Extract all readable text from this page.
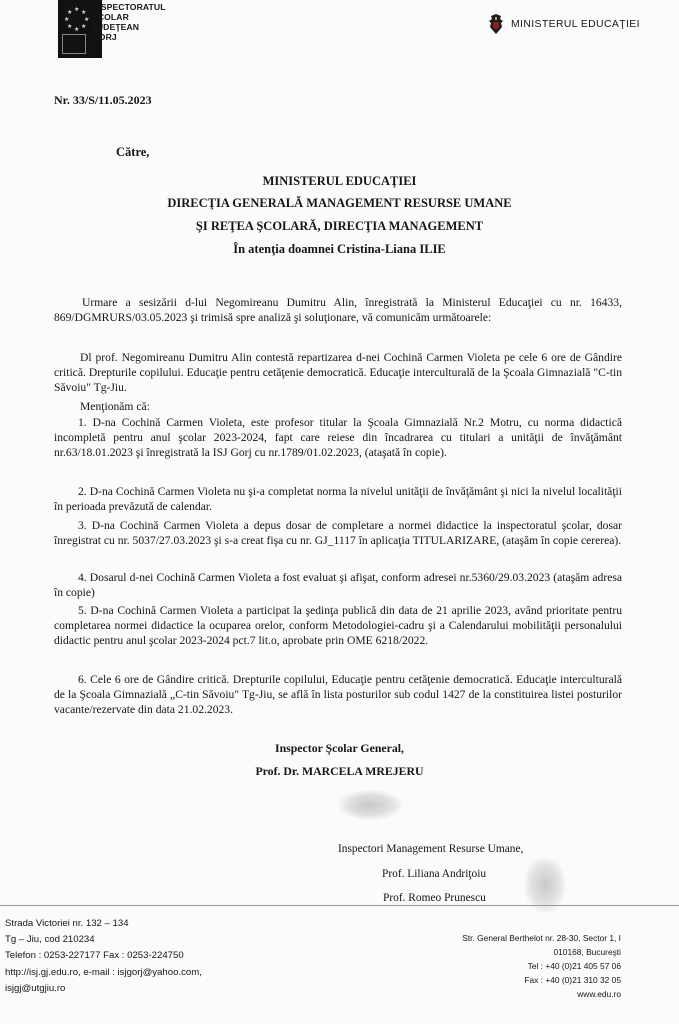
★ ★ ★
★ ★
★ ★ ★
INSPECTORATUL
ŞCOLAR
JUDEŢEAN
GORJ
MINISTERUL EDUCAŢIEI
Nr. 33/S/11.05.2023
Către,
MINISTERUL EDUCAŢIEI
DIRECŢIA GENERALĂ MANAGEMENT RESURSE UMANE
ŞI REŢEA ŞCOLARĂ, DIRECŢIA MANAGEMENT
În atenţia doamnei Cristina-Liana ILIE
Urmare a sesizării d-lui Negomireanu Dumitru Alin, înregistrată la Ministerul Educaţiei cu nr. 16433, 869/DGMRURS/03.05.2023 şi trimisă spre analiză şi soluţionare, vă comunicăm următoarele:
Dl prof. Negomireanu Dumitru Alin contestă repartizarea d-nei Cochină Carmen Violeta pe cele 6 ore de Gândire critică. Drepturile copilului. Educaţie pentru cetăţenie democratică. Educaţie interculturală de la Şcoala Gimnazială "C-tin Săvoiu" Tg-Jiu.
Menţionăm că:
1. D-na Cochină Carmen Violeta, este profesor titular la Şcoala Gimnazială Nr.2 Motru, cu norma didactică incompletă pentru anul şcolar 2023-2024, fapt care reiese din încadrarea cu titulari a unităţii de învăţământ nr.63/18.01.2023 şi înregistrată la ISJ Gorj cu nr.1789/01.02.2023, (ataşată în copie).
2. D-na Cochină Carmen Violeta nu şi-a completat norma la nivelul unităţii de învăţământ şi nici la nivelul localităţii în perioada prevăzută de calendar.
3. D-na Cochină Carmen Violeta a depus dosar de completare a normei didactice la inspectoratul şcolar, dosar înregistrat cu nr. 5037/27.03.2023 şi s-a creat fişa cu nr. GJ_1117 în aplicaţia TITULARIZARE, (ataşăm în copie cererea).
4. Dosarul d-nei Cochină Carmen Violeta a fost evaluat şi afişat, conform adresei nr.5360/29.03.2023 (ataşăm adresa în copie)
5. D-na Cochină Carmen Violeta a participat la şedinţa publică din data de 21 aprilie 2023, având prioritate pentru completarea normei didactice la ocuparea orelor, conform Metodologiei-cadru şi a Calendarului mobilităţii personalului didactic pentru anul şcolar 2023-2024 pct.7 lit.o, aprobate prin OME 6218/2022.
6. Cele 6 ore de Gândire critică. Drepturile copilului, Educaţie pentru cetăţenie democratică. Educaţie interculturală de la Şcoala Gimnazială „C-tin Săvoiu" Tg-Jiu, se află în lista posturilor sub codul 1427 de la constituirea listei posturilor vacante/rezervate din data 21.02.2023.
Inspector Şcolar General,
Prof. Dr. MARCELA MREJERU
Inspectori Management Resurse Umane,
Prof. Liliana Andriţoiu
Prof. Romeo Prunescu
Strada Victoriei nr. 132 – 134
Tg – Jiu, cod 210234
Telefon : 0253-227177 Fax : 0253-224750
http://isj.gj.edu.ro, e-mail : isjgorj@yahoo.com,
isjgj@utgjiu.ro
Str. General Berthelot nr. 28-30, Sector 1, I
010168, Bucureşti
Tel : +40 (0)21 405 57 06
Fax : +40 (0)21 310 32 05
www.edu.ro
